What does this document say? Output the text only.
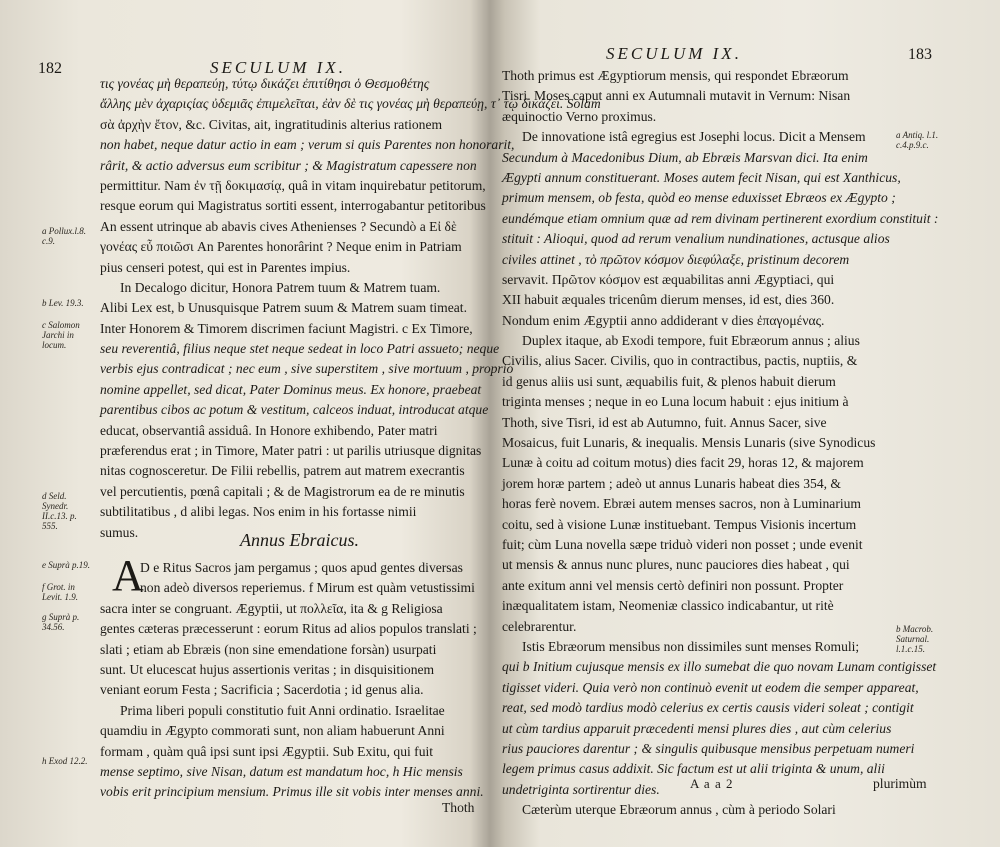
182	SECULUM IX.
a Pollux.l.8. c.9.
b Lev. 19.3.
c Salomon Jarchi in locum.
d Seld. Synedr. II.c.13. p. 555.
e Suprà p.19.
f Grot. in Levit. 1.9.
g Suprà p. 34.56.
h Exod 12.2.
τις γονέας μὴ θεραπεύῃ, τύτῳ δικάζει ἐπιτίθησι ὁ Θεσμοθέτης
ἄλλης μὲν ἀχαριςίας ὐδεμιᾶς ἐπιμελεῖται, ἐὰν δὲ τις γονέας μὴ θεραπεύῃ, τ᾽ τῳ δικάζει. Solam
σὰ ἀρχὴν ἔτον, &c. Civitas, ait, ingratitudinis alterius rationem
non habet, neque datur actio in eam ; verum si quis Parentes non honorarit,
rârit, & actio adversus eum scribitur ; & Magistratum capessere non
permittitur. Nam ἐν τῇ δοκιμασίᾳ, quâ in vitam inquirebatur petitorum,
resque eorum qui Magistratus sortiti essent, interrogabantur petitoribus
An essent utrinque ab abavis cives Athenienses ? Secundò a Εἰ δὲ
γονέας εὖ ποιῶσι An Parentes honorârint ? Neque enim in Patriam
pius censeri potest, qui est in Parentes impius.
In Decalogo dicitur, Honora Patrem tuum & Matrem tuam.
Alibi Lex est, b Unusquisque Patrem suum & Matrem suam timeat.
Inter Honorem & Timorem discrimen faciunt Magistri. c Ex Timore,
seu reverentiâ, filius neque stet neque sedeat in loco Patri assueto; neque
verbis ejus contradicat ; nec eum , sive superstitem , sive mortuum , proprio
nomine appellet, sed dicat, Pater Dominus meus. Ex honore, praebeat
parentibus cibos ac potum & vestitum, calceos induat, introducat atque
educat, observantiâ assiduâ. In Honore exhibendo, Pater matri
præferendus erat ; in Timore, Mater patri : ut parilis utriusque dignitas
nitas cognosceretur. De Filii rebellis, patrem aut matrem execrantis
vel percutientis, pœnâ capitali ; & de Magistrorum ea de re minutis
subtilitatibus , d alibi legas. Nos enim in his fortasse nimii
sumus.	Annus Ebraicus.
A
D e Ritus Sacros jam pergamus ; quos apud gentes diversas
non adeò diversos reperiemus. f Mirum est quàm vetustissimi
sacra inter se congruant. Ægyptii, ut πολλεῖα, ita & g Religiosa
gentes cæteras præcesserunt : eorum Ritus ad alios populos translati ;
slati ; etiam ab Ebræis (non sine emendatione forsàn) usurpati
sunt. Ut elucescat hujus assertionis veritas ; in disquisitionem
veniant eorum Festa ; Sacrificia ; Sacerdotia ; id genus alia.
Prima liberi populi constitutio fuit Anni ordinatio. Israelitae
quamdiu in Ægypto commorati sunt, non aliam habuerunt Anni
formam , quàm quâ ipsi sunt ipsi Ægyptii. Sub Exitu, qui fuit
mense septimo, sive Nisan, datum est mandatum hoc, h Hic mensis
vobis erit principium mensium. Primus ille sit vobis inter menses anni.
Thoth
SECULUM IX.	183
a Antiq. l.1. c.4.p.9.c.
b Macrob. Saturnal. l.1.c.15.
Thoth primus est Ægyptiorum mensis, qui respondet Ebræorum
Tisri. Moses caput anni ex Autumnali mutavit in Vernum: Nisan
æquinoctio Verno proximus.
De innovatione istâ egregius est Josephi locus. Dicit a Mensem
Secundum à Macedonibus Dium, ab Ebræis Marsvan dici. Ita enim
Ægypti annum constituerant. Moses autem fecit Nisan, qui est Xanthicus,
primum mensem, ob festa, quòd eo mense eduxisset Ebræos ex Ægypto ;
eundémque etiam omnium quæ ad rem divinam pertinerent exordium constituit :
stituit : Alioqui, quod ad rerum venalium nundinationes, actusque alios
civiles attinet , τὸ πρῶτον κόσμον διεφύλαξε, pristinum decorem
servavit. Πρῶτον κόσμον est æquabilitas anni Ægyptiaci, qui
XII habuit æquales tricenûm dierum menses, id est, dies 360.
Nondum enim Ægyptii anno addiderant v dies ἐπαγομένας.
Duplex itaque, ab Exodi tempore, fuit Ebræorum annus ; alius
Civilis, alius Sacer. Civilis, quo in contractibus, pactis, nuptiis, &
id genus aliis usi sunt, æquabilis fuit, & plenos habuit dierum
triginta menses ; neque in eo Luna locum habuit : ejus initium à
Thoth, sive Tisri, id est ab Autumno, fuit. Annus Sacer, sive
Mosaicus, fuit Lunaris, & inequalis. Mensis Lunaris (sive Synodicus
Lunæ à coitu ad coitum motus) dies facit 29, horas 12, & majorem
jorem horæ partem ; adeò ut annus Lunaris habeat dies 354, &
horas ferè novem. Ebræi autem menses sacros, non à Luminarium
coitu, sed à visione Lunæ instituebant. Tempus Visionis incertum
fuit; cùm Luna novella sæpe triduò videri non posset ; unde evenit
ut mensis & annus nunc plures, nunc pauciores dies habeat , qui
ante exitum anni vel mensis certò definiri non possunt. Propter
inæqualitatem istam, Neomeniæ classico indicabantur, ut ritè
celebrarentur.
Istis Ebræorum mensibus non dissimiles sunt menses Romuli;
qui b Initium cujusque mensis ex illo sumebat die quo novam Lunam contigisset
tigisset videri. Quia verò non continuò evenit ut eodem die semper appareat,
reat, sed modò tardius modò celerius ex certis causis videri soleat ; contigit
ut cùm tardius apparuit præcedenti mensi plures dies , aut cùm celerius
rius pauciores darentur ; & singulis quibusque mensibus perpetuam numeri
legem primus casus addixit. Sic factum est ut alii triginta & unum, alii
undetriginta sortirentur dies.
Cæterùm uterque Ebræorum annus , cùm à periodo Solari
A a a 2	plurimùm
